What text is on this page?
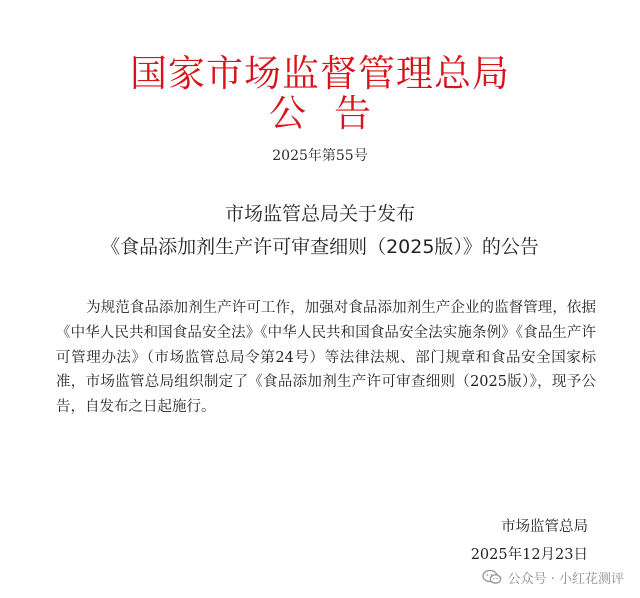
国家市场监督管理总局
公告
2025年第55号
市场监管总局关于发布
《食品添加剂生产许可审查细则（2025版）》的公告

为规范食品添加剂生产许可工作，加强对食品添加剂生产企业的监督管理，依据《中华人民共和国食品安全法》《中华人民共和国食品安全法实施条例》《食品生产许可管理办法》（市场监管总局令第24号）等法律法规、部门规章和食品安全国家标准，市场监管总局组织制定了《食品添加剂生产许可审查细则（2025版）》，现予公告，自发布之日起施行。

市场监管总局
2025年12月23日
公众号 · 小红花测评
